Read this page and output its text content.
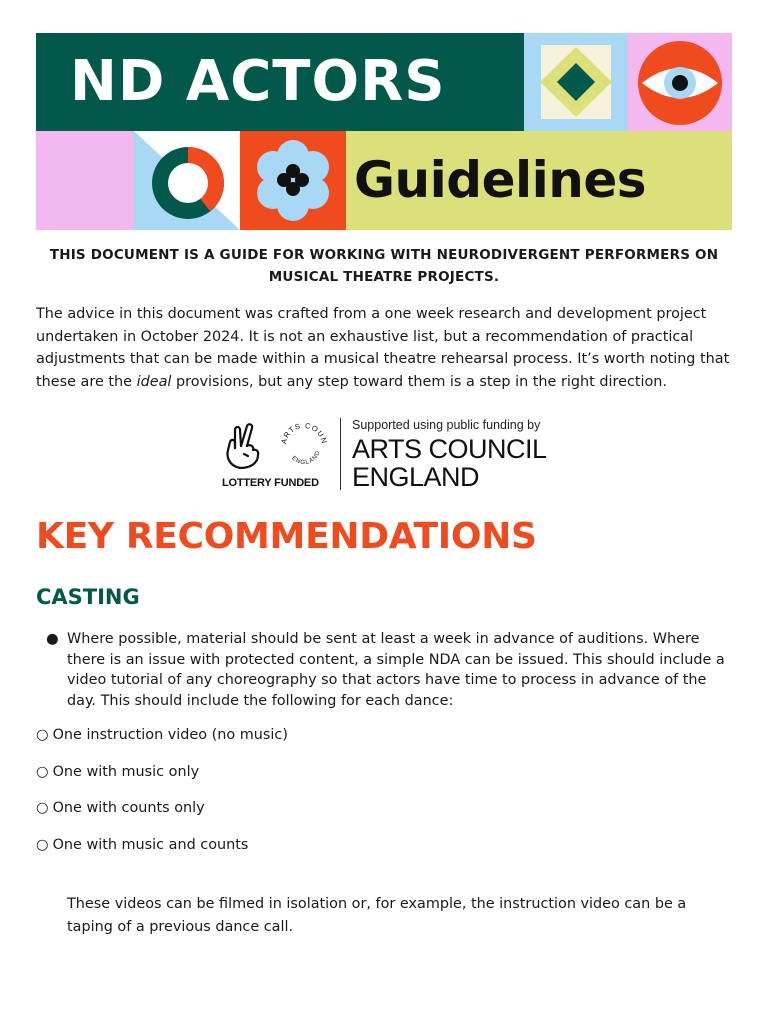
ND ACTORS
Guidelines
THIS DOCUMENT IS A GUIDE FOR WORKING WITH NEURODIVERGENT PERFORMERS ON
MUSICAL THEATRE PROJECTS.

The advice in this document was crafted from a one week research and development project undertaken in October 2024. It is not an exhaustive list, but a recommendation of practical adjustments that can be made within a musical theatre rehearsal process. It’s worth noting that these are the ideal provisions, but any step toward them is a step in the right direction.

ARTS COUN
ENGLAND
LOTTERY FUNDED
Supported using public funding by
ARTS COUNCIL
ENGLAND
KEY RECOMMENDATIONS
CASTING
● Where possible, material should be sent at least a week in advance of auditions. Where there is an issue with protected content, a simple NDA can be issued. This should include a video tutorial of any choreography so that actors have time to process in advance of the day. This should include the following for each dance:
○ One instruction video (no music)
○ One with music only
○ One with counts only
○ One with music and counts
These videos can be filmed in isolation or, for example, the instruction video can be a taping of a previous dance call.
